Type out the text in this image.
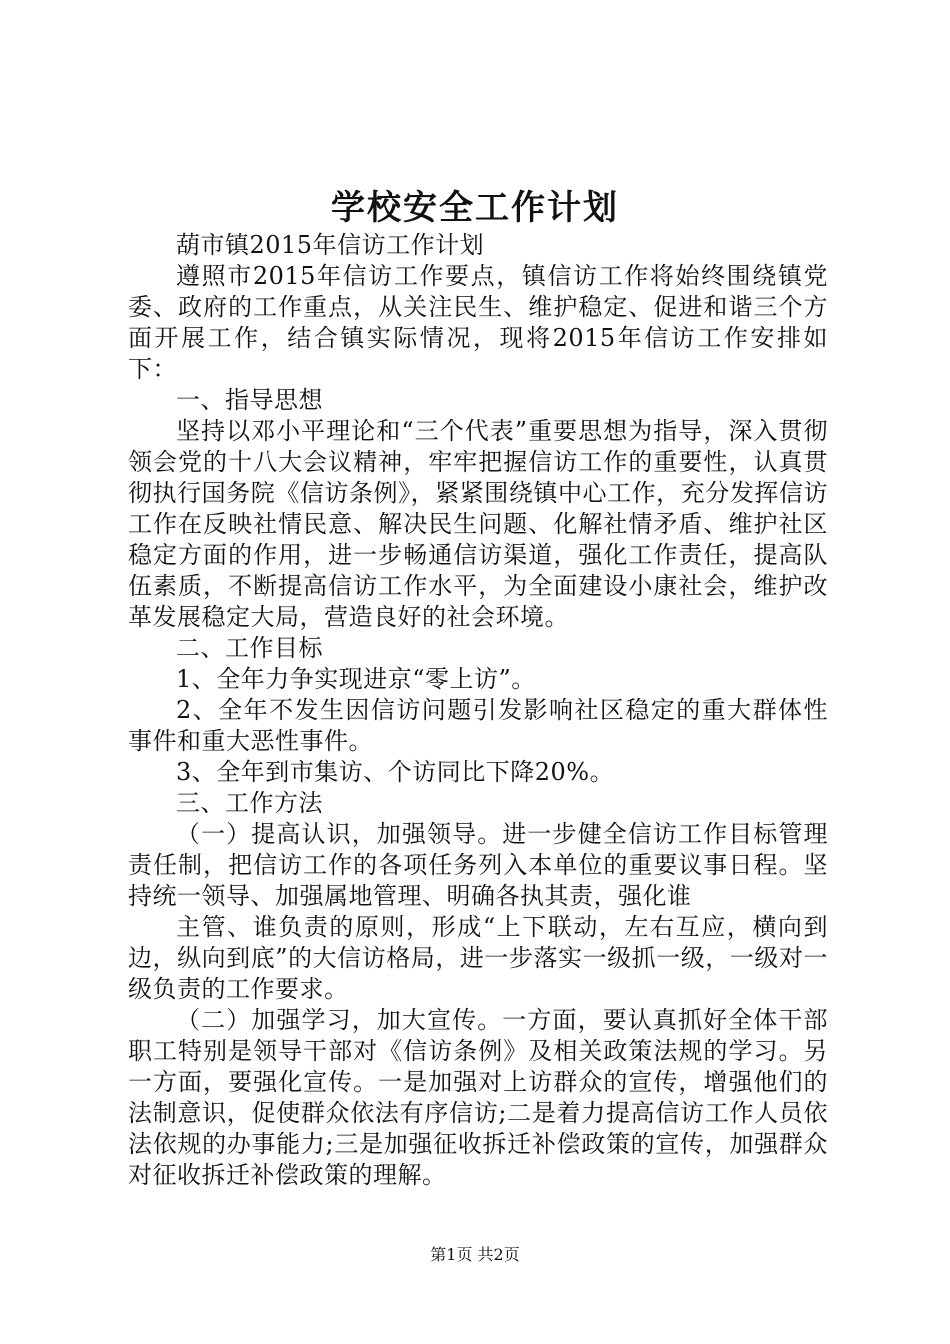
学校安全工作计划

葫市镇2015年信访工作计划

遵照市2015年信访工作要点，镇信访工作将始终围绕镇党委、政府的工作重点，从关注民生、维护稳定、促进和谐三个方面开展工作，结合镇实际情况，现将2015年信访工作安排如下：

一、指导思想

坚持以邓小平理论和“三个代表”重要思想为指导，深入贯彻领会党的十八大会议精神，牢牢把握信访工作的重要性，认真贯彻执行国务院《信访条例》，紧紧围绕镇中心工作，充分发挥信访工作在反映社情民意、解决民生问题、化解社情矛盾、维护社区稳定方面的作用，进一步畅通信访渠道，强化工作责任，提高队伍素质，不断提高信访工作水平，为全面建设小康社会，维护改革发展稳定大局，营造良好的社会环境。

二、工作目标

1、全年力争实现进京“零上访”。

2、全年不发生因信访问题引发影响社区稳定的重大群体性事件和重大恶性事件。

3、全年到市集访、个访同比下降20%。

三、工作方法

（一）提高认识，加强领导。进一步健全信访工作目标管理责任制，把信访工作的各项任务列入本单位的重要议事日程。坚持统一领导、加强属地管理、明确各执其责，强化谁

主管、谁负责的原则，形成“上下联动，左右互应，横向到边，纵向到底”的大信访格局，进一步落实一级抓一级，一级对一级负责的工作要求。

（二）加强学习，加大宣传。一方面，要认真抓好全体干部职工特别是领导干部对《信访条例》及相关政策法规的学习。另一方面，要强化宣传。一是加强对上访群众的宣传，增强他们的法制意识，促使群众依法有序信访;二是着力提高信访工作人员依法依规的办事能力;三是加强征收拆迁补偿政策的宣传，加强群众对征收拆迁补偿政策的理解。

第1页 共2页
